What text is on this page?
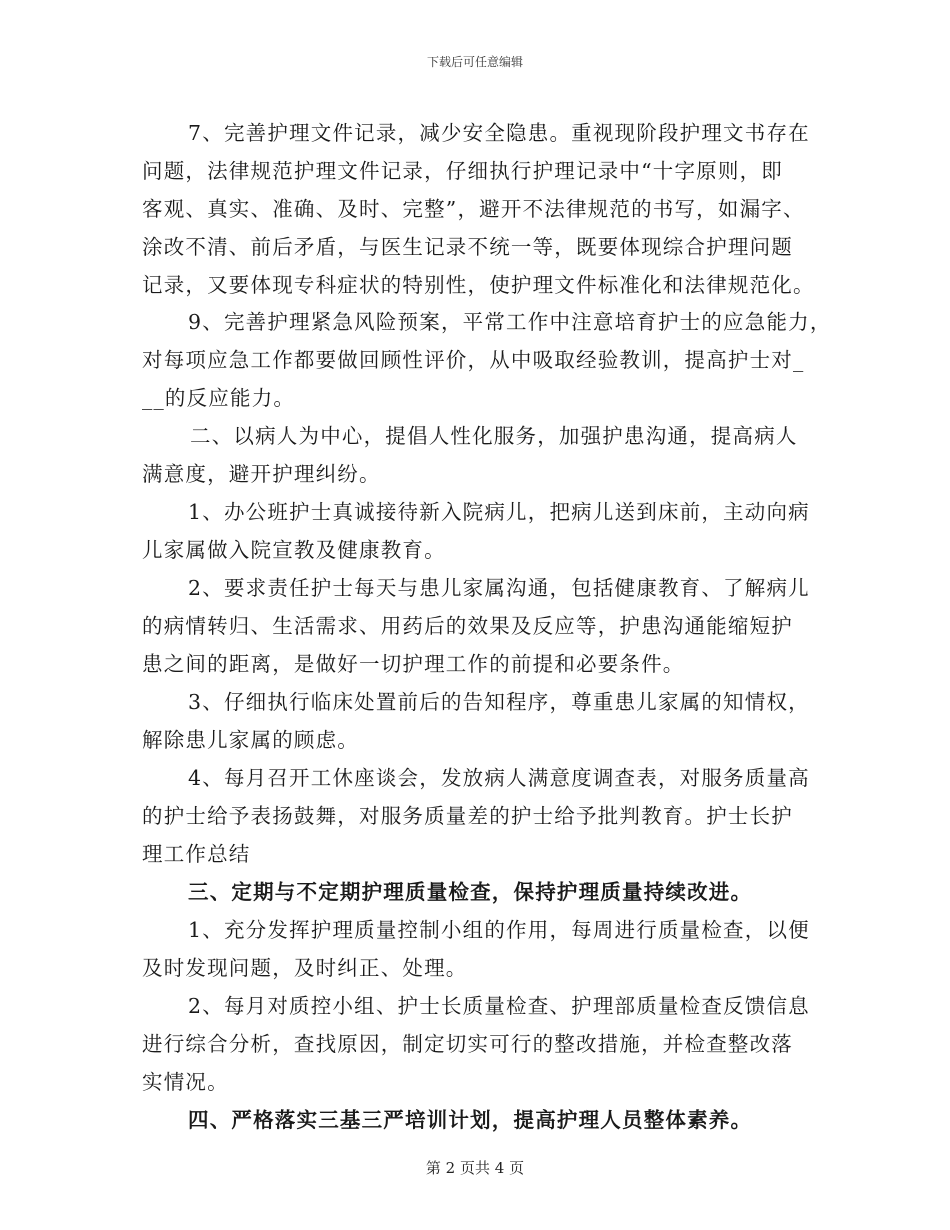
下载后可任意编辑
7、完善护理文件记录，减少安全隐患。重视现阶段护理文书存在
问题，法律规范护理文件记录，仔细执行护理记录中“十字原则，即
客观、真实、准确、及时、完整”，避开不法律规范的书写，如漏字、
涂改不清、前后矛盾，与医生记录不统一等，既要体现综合护理问题
记录，又要体现专科症状的特别性，使护理文件标准化和法律规范化。
9、完善护理紧急风险预案，平常工作中注意培育护士的应急能力，
对每项应急工作都要做回顾性评价，从中吸取经验教训，提高护士对_
__的反应能力。
二、以病人为中心，提倡人性化服务，加强护患沟通，提高病人
满意度，避开护理纠纷。
1、办公班护士真诚接待新入院病儿，把病儿送到床前，主动向病
儿家属做入院宣教及健康教育。
2、要求责任护士每天与患儿家属沟通，包括健康教育、了解病儿
的病情转归、生活需求、用药后的效果及反应等，护患沟通能缩短护
患之间的距离，是做好一切护理工作的前提和必要条件。
3、仔细执行临床处置前后的告知程序，尊重患儿家属的知情权，
解除患儿家属的顾虑。
4、每月召开工休座谈会，发放病人满意度调查表，对服务质量高
的护士给予表扬鼓舞，对服务质量差的护士给予批判教育。护士长护
理工作总结
三、定期与不定期护理质量检查，保持护理质量持续改进。
1、充分发挥护理质量控制小组的作用，每周进行质量检查，以便
及时发现问题，及时纠正、处理。
2、每月对质控小组、护士长质量检查、护理部质量检查反馈信息
进行综合分析，查找原因，制定切实可行的整改措施，并检查整改落
实情况。
四、严格落实三基三严培训计划，提高护理人员整体素养。
第 2 页共 4 页
